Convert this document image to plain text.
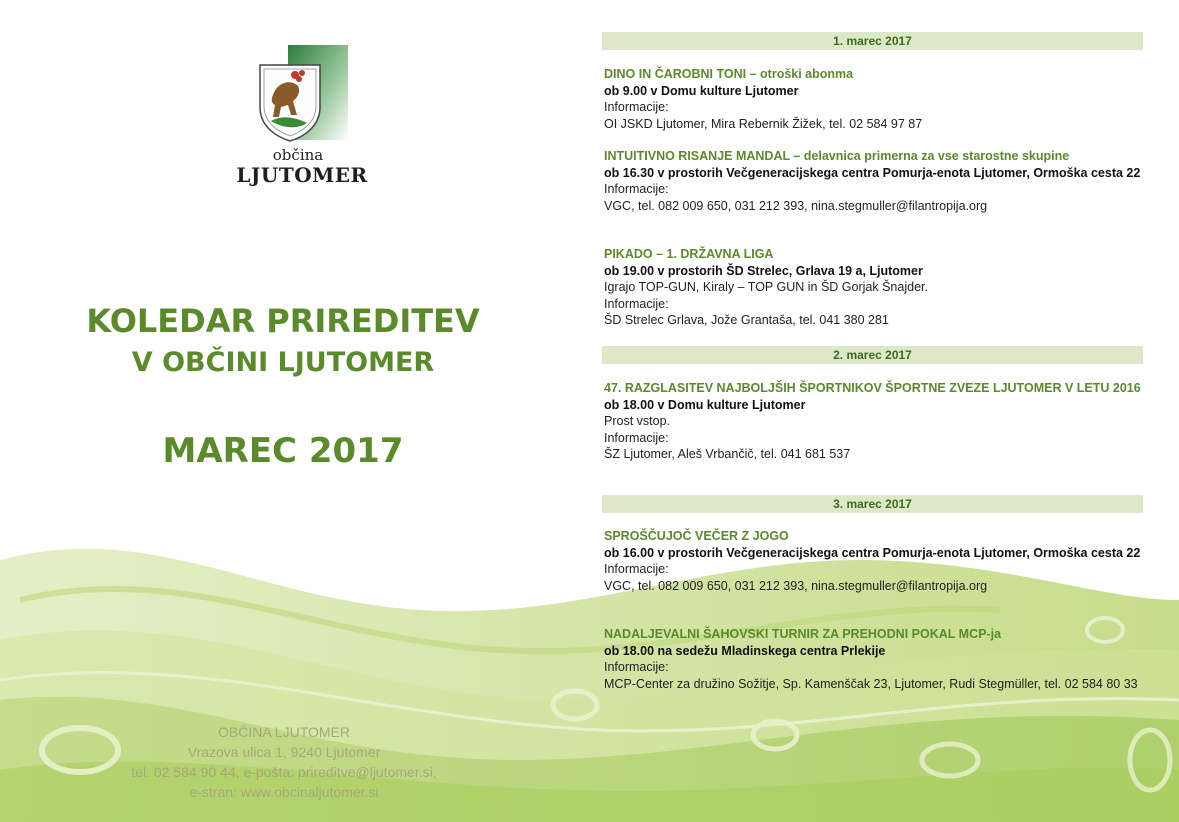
občina
LJUTOMER
KOLEDAR PRIREDITEV
V OBČINI LJUTOMER
MAREC 2017
OBČINA LJUTOMER
Vrazova ulica 1, 9240 Ljutomer
tel. 02 584 90 44, e-pošta: prireditve@ljutomer.si,
e-stran: www.obcinaljutomer.si
1. marec 2017
DINO IN ČAROBNI TONI – otroški abonma
ob 9.00 v Domu kulture Ljutomer
Informacije:
OI JSKD Ljutomer, Mira Rebernik Žižek, tel. 02 584 97 87
INTUITIVNO RISANJE MANDAL – delavnica primerna za vse starostne skupine
ob 16.30 v prostorih Večgeneracijskega centra Pomurja-enota Ljutomer, Ormoška cesta 22
Informacije:
VGC, tel. 082 009 650, 031 212 393, nina.stegmuller@filantropija.org
PIKADO – 1. DRŽAVNA LIGA
ob 19.00 v prostorih ŠD Strelec, Grlava 19 a, Ljutomer
Igrajo TOP-GUN, Kiraly – TOP GUN in ŠD Gorjak Šnajder.
Informacije:
ŠD Strelec Grlava, Jože Grantaša, tel. 041 380 281
2. marec 2017
47. RAZGLASITEV NAJBOLJŠIH ŠPORTNIKOV ŠPORTNE ZVEZE LJUTOMER V LETU 2016
ob 18.00 v Domu kulture Ljutomer
Prost vstop.
Informacije:
ŠZ Ljutomer, Aleš Vrbančič, tel. 041 681 537
3. marec 2017
SPROŠČUJOČ VEČER Z JOGO
ob 16.00 v prostorih Večgeneracijskega centra Pomurja-enota Ljutomer, Ormoška cesta 22
Informacije:
VGC, tel. 082 009 650, 031 212 393, nina.stegmuller@filantropija.org
NADALJEVALNI ŠAHOVSKI TURNIR ZA PREHODNI POKAL MCP-ja
ob 18.00 na sedežu Mladinskega centra Prlekije
Informacije:
MCP-Center za družino Sožitje, Sp. Kamenščak 23, Ljutomer, Rudi Stegmüller, tel. 02 584 80 33
